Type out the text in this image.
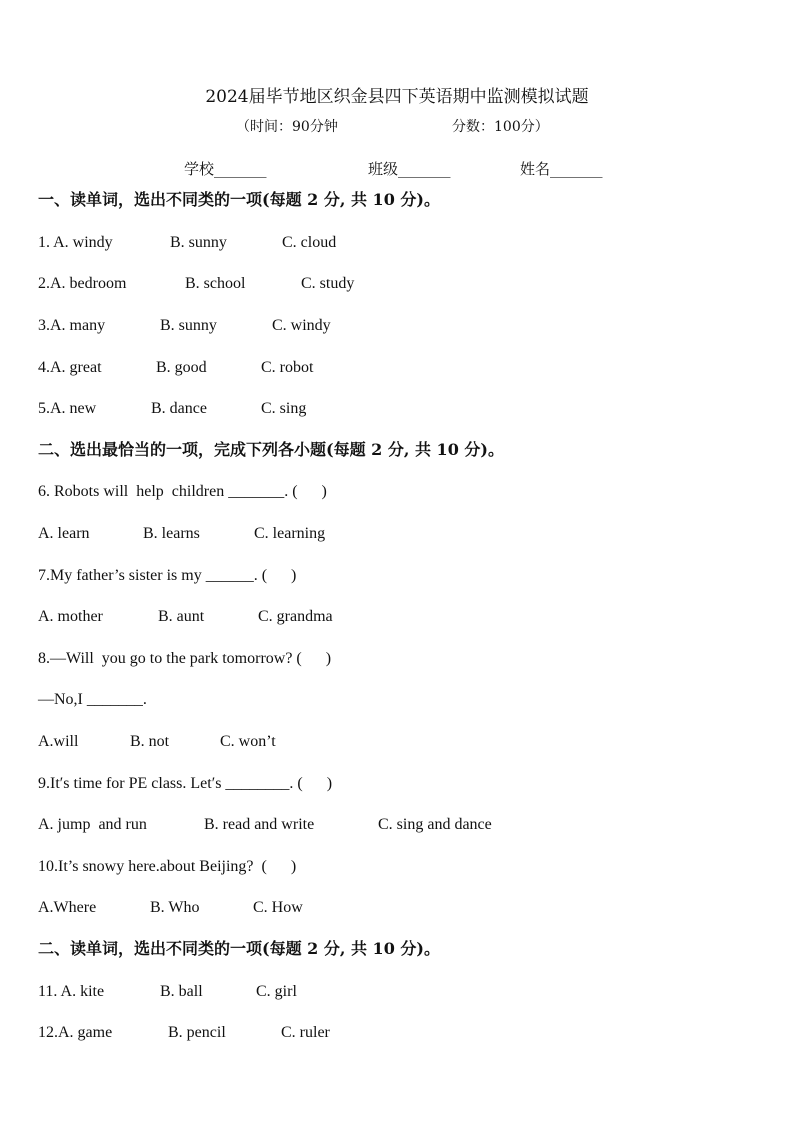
2024届毕节地区织金县四下英语期中监测模拟试题
（时间：90分钟	分数：100分）
学校_______	班级_______	姓名_______
一、读单词，选出不同类的一项(每题 2 分, 共 10 分)。
1. A. windy	B. sunny	C. cloud
2.A. bedroom	B. school	C. study
3.A. many	B. sunny	C. windy
4.A. great	B. good	C. robot
5.A. new	B. dance	C. sing
二、选出最恰当的一项，完成下列各小题(每题 2 分, 共 10 分)。
6. Robots will  help  children _______. (      )
A. learn	B. learns	C. learning
7.My father’s sister is my ______. (      )
A. mother	B. aunt	C. grandma
8.—Will  you go to the park tomorrow? (      )
—No,I _______.
A.will	B. not	C. won’t
9.It′s time for PE class. Let′s ________. (      )
A. jump  and run	B. read and write	C. sing and dance
10.It’s snowy here.about Beijing?  (      )
A.Where	B. Who	C. How
二、读单词，选出不同类的一项(每题 2 分, 共 10 分)。
11. A. kite	B. ball	C. girl
12.A. game	B. pencil	C. ruler
